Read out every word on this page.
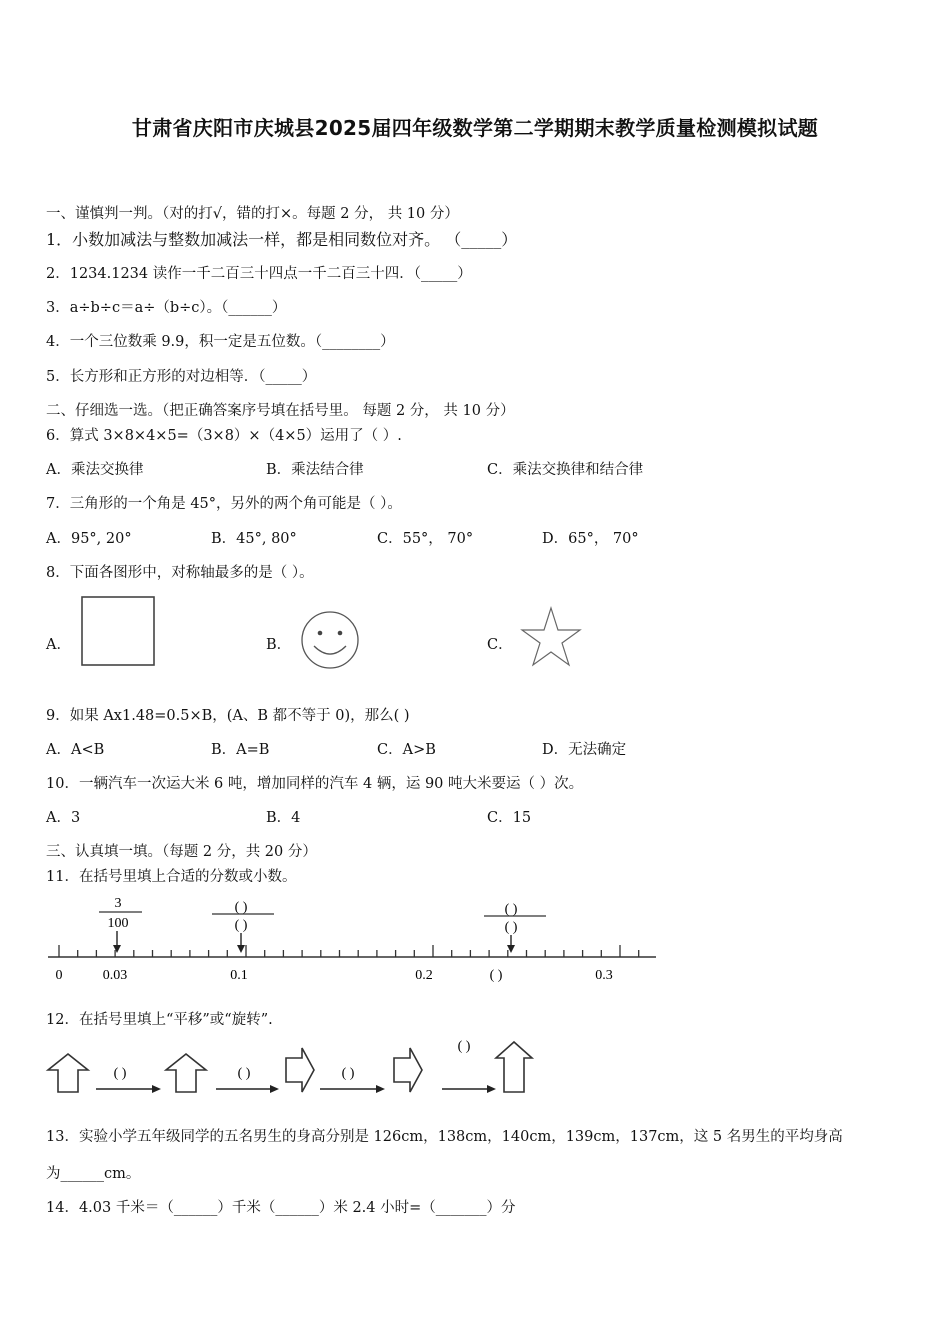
甘肃省庆阳市庆城县2025届四年级数学第二学期期末教学质量检测模拟试题
一、谨慎判一判。（对的打√，错的打×。每题 2 分， 共 10 分）
1．小数加减法与整数加减法一样，都是相同数位对齐。 （_____）
2．1234.1234 读作一千二百三十四点一千二百三十四．（_____）
3．a÷b÷c＝a÷（b÷c）。（______）
4．一个三位数乘 9.9，积一定是五位数。（________）
5．长方形和正方形的对边相等．（_____）
二、仔细选一选。（把正确答案序号填在括号里。 每题 2 分， 共 10 分）
6．算式 3×8×4×5=（3×8）×（4×5）运用了（ ）.
A．乘法交换律	B．乘法结合律	C．乘法交换律和结合律
7．三角形的一个角是 45°，另外的两个角可能是（ ）。
A．95°, 20°	B．45°, 80°	C．55°， 70°	D．65°， 70°
8．下面各图形中，对称轴最多的是（ ）。
A．	B．	C．
9．如果 Ax1.48=0.5×B，(A、B 都不等于 0)，那么( )
A．A<B	B．A=B	C．A>B	D．无法确定
10．一辆汽车一次运大米 6 吨，增加同样的汽车 4 辆，运 90 吨大米要运（ ）次。
A．3	B．4	C．15
三、认真填一填。（每题 2 分，共 20 分）
11．在括号里填上合适的分数或小数。
3
100
( )
( )
( )
( )
0	0.03	0.1	0.2	( )	0.3
12．在括号里填上“平移”或“旋转”.
( )	( )	( )
( )
13．实验小学五年级同学的五名男生的身高分别是 126cm，138cm，140cm，139cm，137cm，这 5 名男生的平均身高
为______cm。
14．4.03 千米＝（______）千米（______）米 2.4 小时=（_______）分
